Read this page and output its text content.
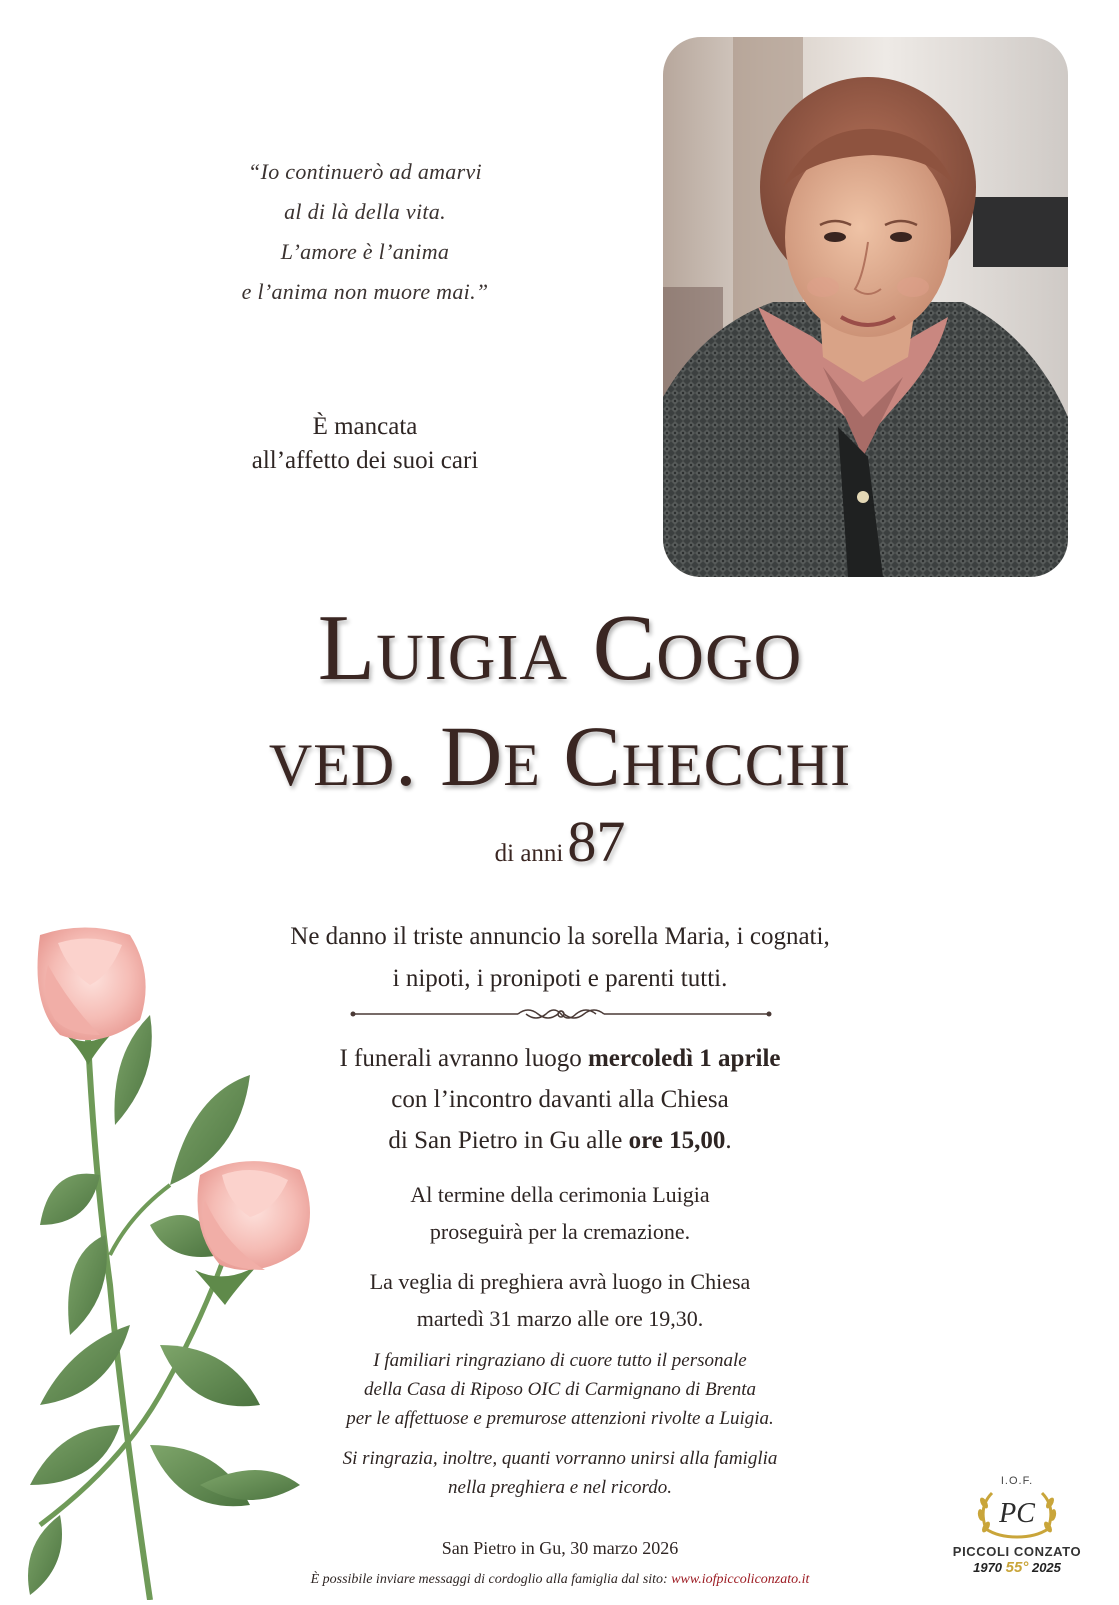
“Io continuerò ad amarvi
al di là della vita.
L’amore è l’anima
e l’anima non muore mai.”
È mancata
all’affetto dei suoi cari
Luigia Cogo
ved. De Checchi
di anni 87
Ne danno il triste annuncio la sorella Maria, i cognati,
i nipoti, i pronipoti e parenti tutti.
I funerali avranno luogo mercoledì 1 aprile
con l’incontro davanti alla Chiesa
di San Pietro in Gu alle ore 15,00.
Al termine della cerimonia Luigia
proseguirà per la cremazione.
La veglia di preghiera avrà luogo in Chiesa
martedì 31 marzo alle ore 19,30.
I familiari ringraziano di cuore tutto il personale
della Casa di Riposo OIC di Carmignano di Brenta
per le affettuose e premurose attenzioni rivolte a Luigia.
Si ringrazia, inoltre, quanti vorranno unirsi alla famiglia
nella preghiera e nel ricordo.
San Pietro in Gu, 30 marzo 2026
È possibile inviare messaggi di cordoglio alla famiglia dal sito: www.iofpiccoliconzato.it
I.O.F.
PC
PICCOLI CONZATO
1970 55° 2025
